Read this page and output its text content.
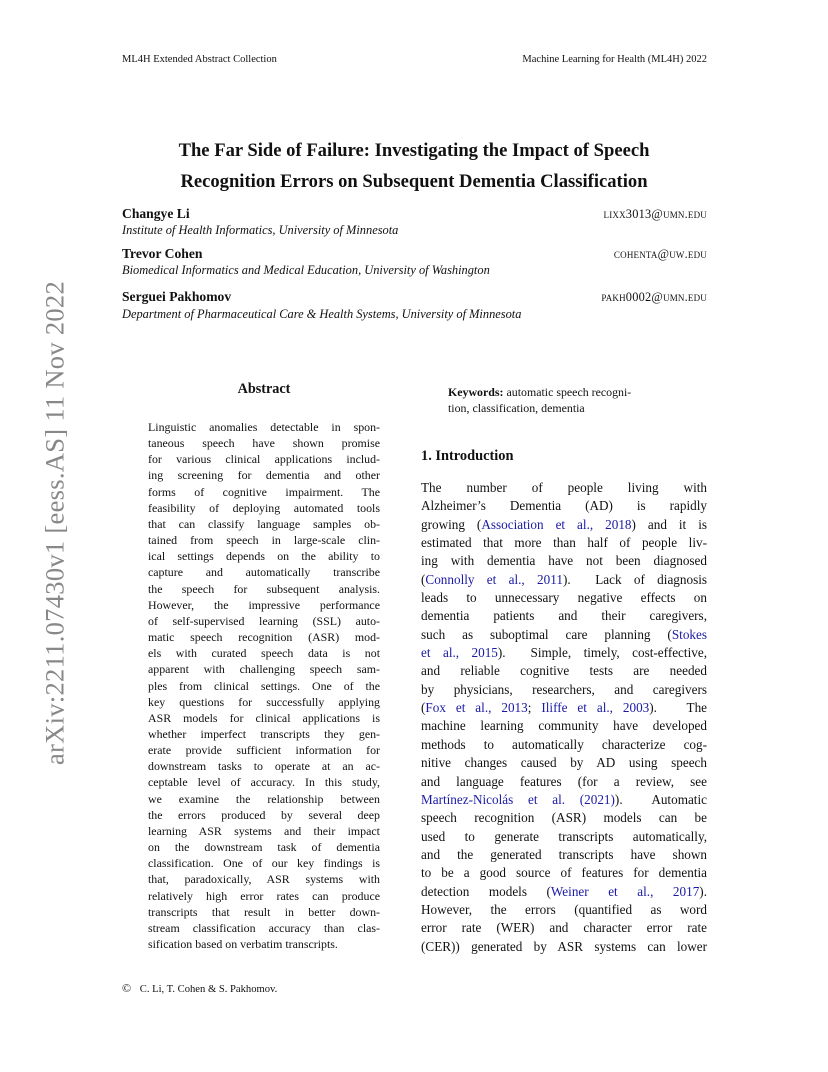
ML4H Extended Abstract Collection	Machine Learning for Health (ML4H) 2022
The Far Side of Failure: Investigating the Impact of Speech
Recognition Errors on Subsequent Dementia Classification
Changye Li	lixx3013@umn.edu
Institute of Health Informatics, University of Minnesota
Trevor Cohen	cohenta@uw.edu
Biomedical Informatics and Medical Education, University of Washington
Serguei Pakhomov	pakh0002@umn.edu
Department of Pharmaceutical Care & Health Systems, University of Minnesota
arXiv:2211.07430v1 [eess.AS] 11 Nov 2022	Abstract
Linguistic anomalies detectable in spon-
taneous speech have shown promise
for various clinical applications includ-
ing screening for dementia and other
forms of cognitive impairment. The
feasibility of deploying automated tools
that can classify language samples ob-
tained from speech in large-scale clin-
ical settings depends on the ability to
capture and automatically transcribe
the speech for subsequent analysis.
However, the impressive performance
of self-supervised learning (SSL) auto-
matic speech recognition (ASR) mod-
els with curated speech data is not
apparent with challenging speech sam-
ples from clinical settings. One of the
key questions for successfully applying
ASR models for clinical applications is
whether imperfect transcripts they gen-
erate provide sufficient information for
downstream tasks to operate at an ac-
ceptable level of accuracy. In this study,
we examine the relationship between
the errors produced by several deep
learning ASR systems and their impact
on the downstream task of dementia
classification. One of our key findings is
that, paradoxically, ASR systems with
relatively high error rates can produce
transcripts that result in better down-
stream classification accuracy than clas-
sification based on verbatim transcripts.
Keywords: automatic speech recogni-
tion, classification, dementia
1. Introduction
The  number  of  people  living  with
Alzheimer’s  Dementia  (AD)  is  rapidly
growing (Association et al., 2018) and it is
estimated that more than half of people liv-
ing with dementia have not been diagnosed
(Connolly et al., 2011).  Lack of diagnosis
leads  to  unnecessary  negative  effects  on
dementia  patients  and  their  caregivers,
such  as  suboptimal  care  planning  (Stokes
et al., 2015).  Simple, timely, cost-effective,
and  reliable  cognitive  tests  are  needed
by  physicians,  researchers,  and  caregivers
(Fox et al., 2013; Iliffe et al., 2003).   The
machine learning community have developed
methods to automatically characterize cog-
nitive changes caused by AD using speech
and  language  features  (for  a  review,  see
Martínez-Nicolás et al. (2021)).  Automatic
speech  recognition  (ASR)  models  can  be
used to generate transcripts automatically,
and the generated transcripts have shown
to be a good source of features for dementia
detection  models  (Weiner  et  al.,  2017).
However,  the  errors  (quantified  as  word
error rate (WER) and character error rate
(CER)) generated by ASR systems can lower
© C. Li, T. Cohen & S. Pakhomov.
